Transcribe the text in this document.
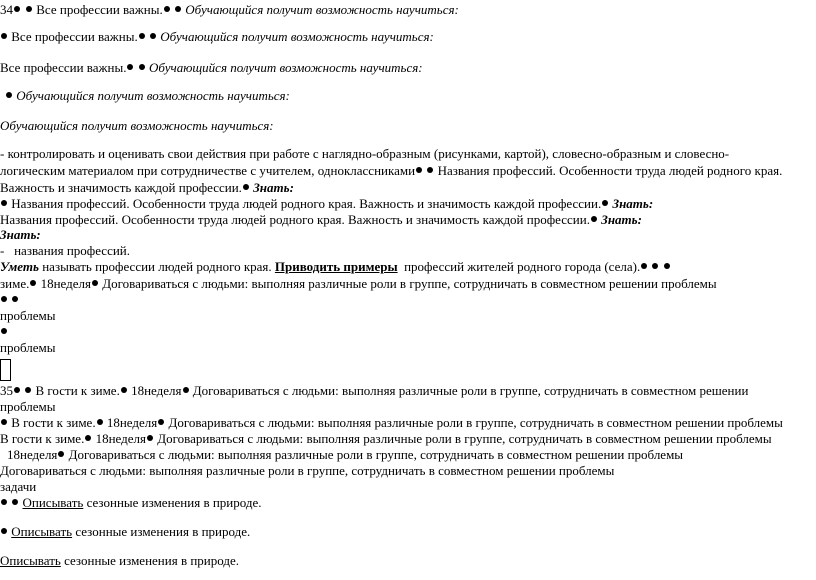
34 Все профессии важны. Обучающийся получит возможность научиться:
Все профессии важны. Обучающийся получит возможность научиться:
Все профессии важны. Обучающийся получит возможность научиться:
Обучающийся получит возможность научиться:
Обучающийся получит возможность научиться:
- контролировать и оценивать свои действия при работе с наглядно-образным (рисунками, картой), словесно-образным и словесно-
логическим материалом при сотрудничестве с учителем, одноклассниками Названия профессий. Особенности труда людей родного края.
Важность и значимость каждой профессии. Знать:
Названия профессий. Особенности труда людей родного края. Важность и значимость каждой профессии. Знать:
Названия профессий. Особенности труда людей родного края. Важность и значимость каждой профессии. Знать:
Знать:
- названия профессий.
Уметь называть профессии людей родного края. Приводить примеры профессий жителей родного города (села).
зиме. 18неделя Договариваться с людьми: выполняя различные роли в группе, сотрудничать в совместном решении проблемы

проблемы
проблемы
35 В гости к зиме. 18неделя Договариваться с людьми: выполняя различные роли в группе, сотрудничать в совместном решении
проблемы
В гости к зиме. 18неделя Договариваться с людьми: выполняя различные роли в группе, сотрудничать в совместном решении проблемы
В гости к зиме. 18неделя Договариваться с людьми: выполняя различные роли в группе, сотрудничать в совместном решении проблемы
18неделя Договариваться с людьми: выполняя различные роли в группе, сотрудничать в совместном решении проблемы
Договариваться с людьми: выполняя различные роли в группе, сотрудничать в совместном решении проблемы
задачи
Описывать сезонные изменения в природе.
Описывать сезонные изменения в природе.
Описывать сезонные изменения в природе.
